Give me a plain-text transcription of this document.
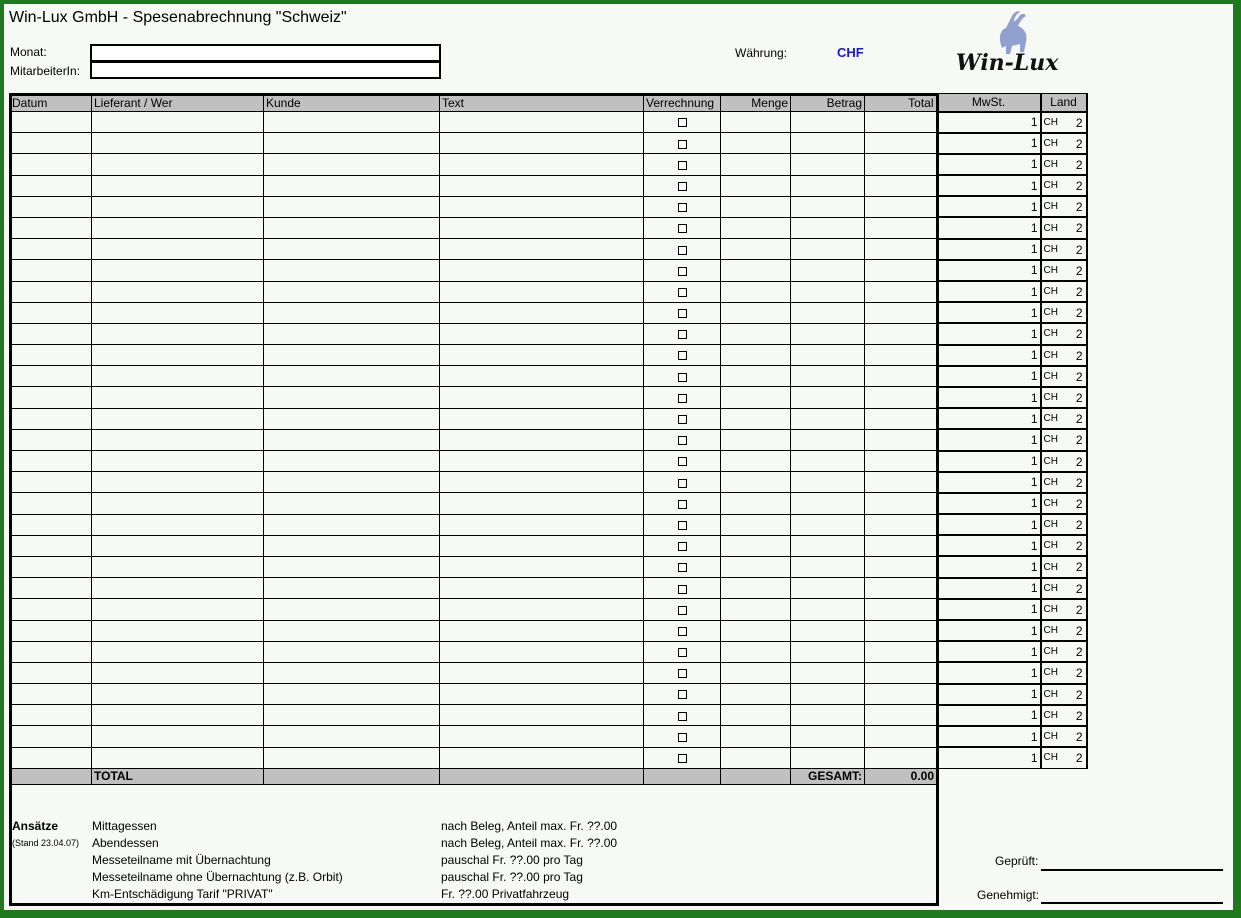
Win-Lux GmbH - Spesenabrechnung "Schweiz"
Monat:
MitarbeiterIn:
Währung:	CHF	Win-Lux
Datum	Lieferant / Wer	Kunde	Text	Verrechnung	Menge	Betrag	Total	MwSt.	Land
								1	CH 2

								1	CH 2

								1	CH 2

								1	CH 2

								1	CH 2

								1	CH 2

								1	CH 2

								1	CH 2

								1	CH 2

								1	CH 2

								1	CH 2

								1	CH 2

								1	CH 2

								1	CH 2

								1	CH 2

								1	CH 2

								1	CH 2

								1	CH 2

								1	CH 2

								1	CH 2

								1	CH 2

								1	CH 2

								1	CH 2

								1	CH 2

								1	CH 2

								1	CH 2

								1	CH 2

								1	CH 2

								1	CH 2

								1	CH 2

								1	CH 2

	TOTAL					GESAMT:	0.00		
Ansätze
(Stand 23.04.07)
Mittagessen	nach Beleg, Anteil max. Fr. ??.00
Abendessen	nach Beleg, Anteil max. Fr. ??.00
Messeteilname mit Übernachtung	pauschal Fr. ??.00 pro Tag
Messeteilname ohne Übernachtung (z.B. Orbit)	pauschal Fr. ??.00 pro Tag
Km-Entschädigung Tarif "PRIVAT"	Fr. ??.00 Privatfahrzeug
Geprüft:
Genehmigt:
